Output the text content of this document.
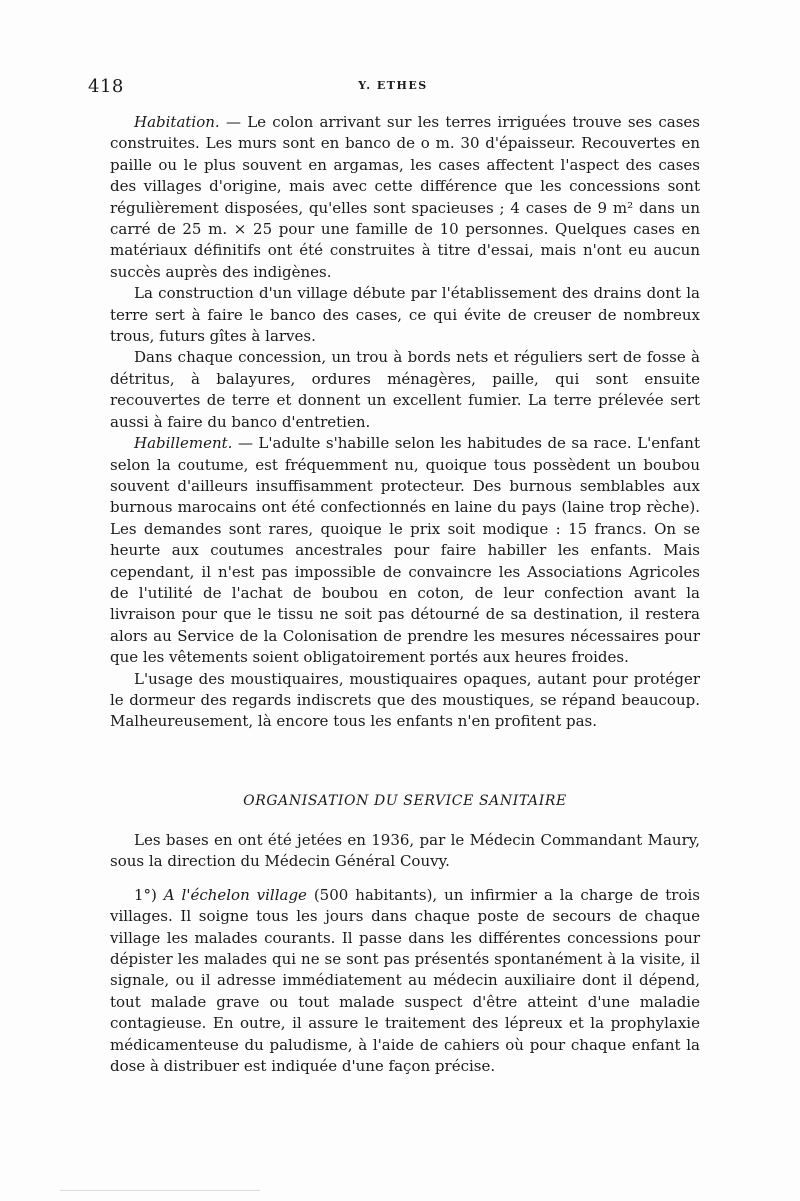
418	Y. ETHES

Habitation. — Le colon arrivant sur les terres irriguées trouve ses cases construites. Les murs sont en banco de o m. 30 d'épaisseur. Recouvertes en paille ou le plus souvent en argamas, les cases affectent l'aspect des cases des villages d'origine, mais avec cette différence que les concessions sont régulièrement disposées, qu'elles sont spacieuses ; 4 cases de 9 m² dans un carré de 25 m. × 25 pour une famille de 10 personnes. Quelques cases en matériaux définitifs ont été construites à titre d'essai, mais n'ont eu aucun succès auprès des indigènes.

La construction d'un village débute par l'établissement des drains dont la terre sert à faire le banco des cases, ce qui évite de creuser de nombreux trous, futurs gîtes à larves.

Dans chaque concession, un trou à bords nets et réguliers sert de fosse à détritus, à balayures, ordures ménagères, paille, qui sont ensuite recouvertes de terre et donnent un excellent fumier. La terre prélevée sert aussi à faire du banco d'entretien.

Habillement. — L'adulte s'habille selon les habitudes de sa race. L'enfant selon la coutume, est fréquemment nu, quoique tous possèdent un boubou souvent d'ailleurs insuffisamment protecteur. Des burnous semblables aux burnous marocains ont été confectionnés en laine du pays (laine trop rèche). Les demandes sont rares, quoique le prix soit modique : 15 francs. On se heurte aux coutumes ancestrales pour faire habiller les enfants. Mais cependant, il n'est pas impossible de convaincre les Associations Agricoles de l'utilité de l'achat de boubou en coton, de leur confection avant la livraison pour que le tissu ne soit pas détourné de sa destination, il restera alors au Service de la Colonisation de prendre les mesures nécessaires pour que les vêtements soient obligatoirement portés aux heures froides.

L'usage des moustiquaires, moustiquaires opaques, autant pour protéger le dormeur des regards indiscrets que des moustiques, se répand beaucoup. Malheureusement, là encore tous les enfants n'en profitent pas.

ORGANISATION DU SERVICE SANITAIRE

Les bases en ont été jetées en 1936, par le Médecin Commandant Maury, sous la direction du Médecin Général Couvy.

1°) A l'échelon village (500 habitants), un infirmier a la charge de trois villages. Il soigne tous les jours dans chaque poste de secours de chaque village les malades courants. Il passe dans les différentes concessions pour dépister les malades qui ne se sont pas présentés spontanément à la visite, il signale, ou il adresse immédiatement au médecin auxiliaire dont il dépend, tout malade grave ou tout malade suspect d'être atteint d'une maladie contagieuse. En outre, il assure le traitement des lépreux et la prophylaxie médicamenteuse du paludisme, à l'aide de cahiers où pour chaque enfant la dose à distribuer est indiquée d'une façon précise.
